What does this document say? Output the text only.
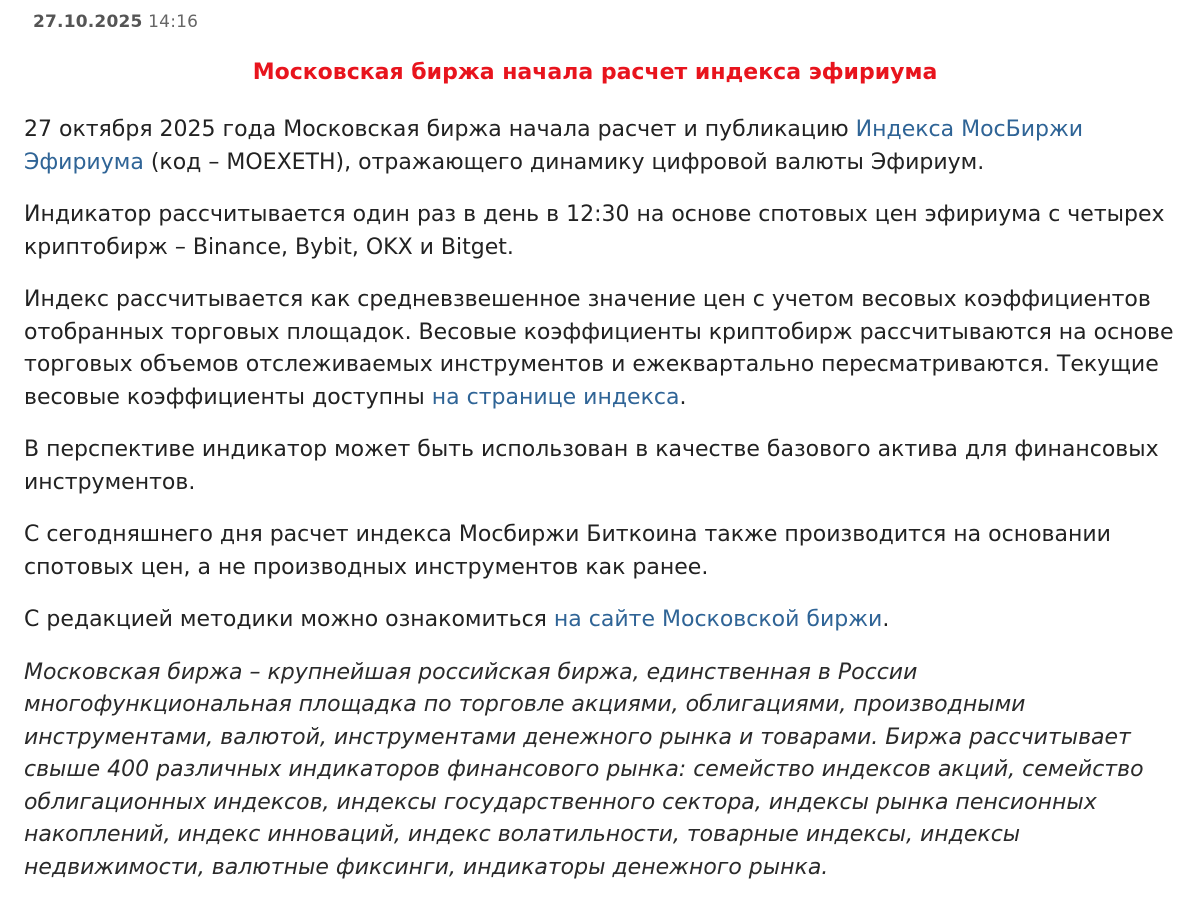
27.10.2025 14:16
Московская биржа начала расчет индекса эфириума

27 октября 2025 года Московская биржа начала расчет и публикацию Индекса МосБиржи Эфириума (код – MOEXETH), отражающего динамику цифровой валюты Эфириум.

Индикатор рассчитывается один раз в день в 12:30 на основе спотовых цен эфириума с четырех криптобирж – Binance, Bybit, OKX и Bitget.

Индекс рассчитывается как средневзвешенное значение цен с учетом весовых коэффициентов отобранных торговых площадок. Весовые коэффициенты криптобирж рассчитываются на основе торговых объемов отслеживаемых инструментов и ежеквартально пересматриваются. Текущие весовые коэффициенты доступны на странице индекса.

В перспективе индикатор может быть использован в качестве базового актива для финансовых инструментов.

С сегодняшнего дня расчет индекса Мосбиржи Биткоина также производится на основании спотовых цен, а не производных инструментов как ранее.

С редакцией методики можно ознакомиться на сайте Московской биржи.

Московская биржа – крупнейшая российская биржа, единственная в России многофункциональная площадка по торговле акциями, облигациями, производными инструментами, валютой, инструментами денежного рынка и товарами. Биржа рассчитывает свыше 400 различных индикаторов финансового рынка: семейство индексов акций, семейство облигационных индексов, индексы государственного сектора, индексы рынка пенсионных накоплений, индекс инноваций, индекс волатильности, товарные индексы, индексы недвижимости, валютные фиксинги, индикаторы денежного рынка.
